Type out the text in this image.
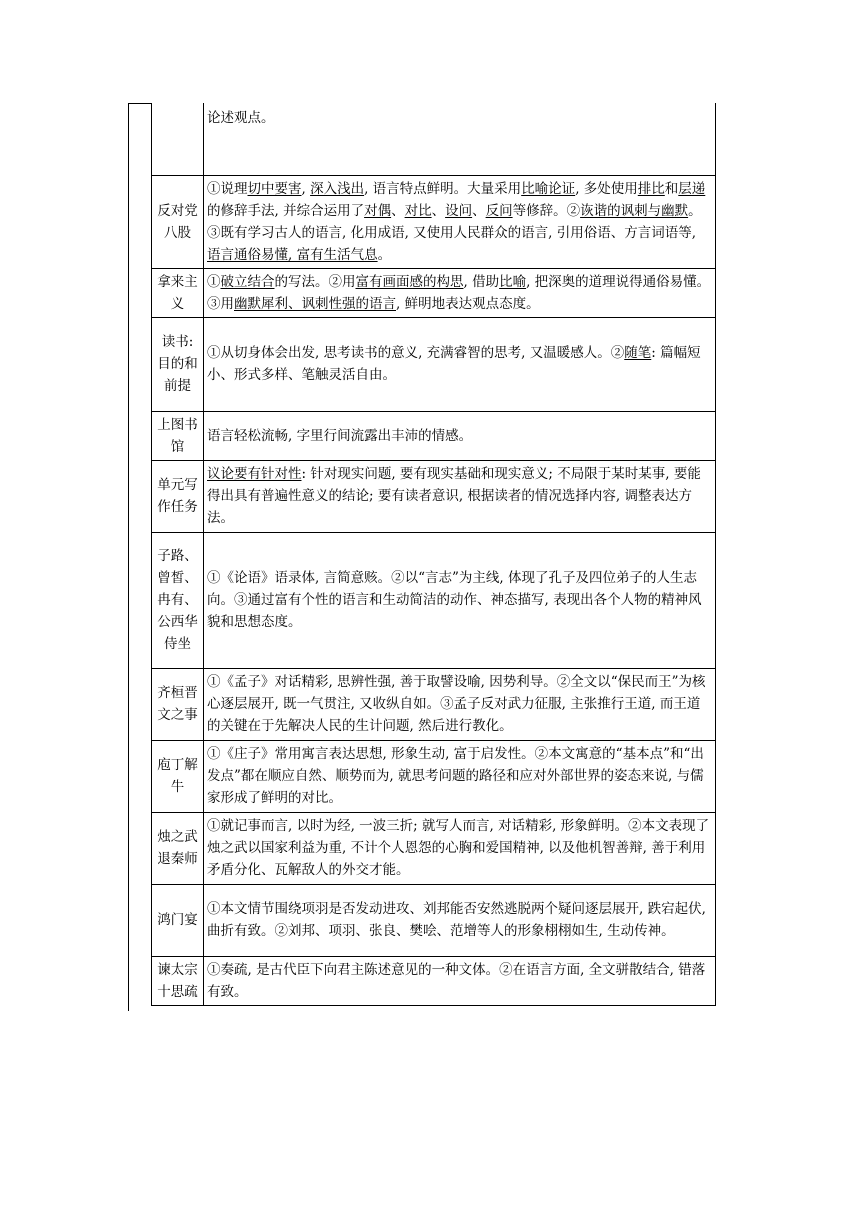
	论述观点。
反对党八股	①说理切中要害, 深入浅出, 语言特点鲜明。大量采用比喻论证, 多处使用排比和层递的修辞手法, 并综合运用了对偶、对比、设问、反问等修辞。②诙谐的讽刺与幽默。③既有学习古人的语言, 化用成语, 又使用人民群众的语言, 引用俗语、方言词语等, 语言通俗易懂, 富有生活气息。
拿来主义	①破立结合的写法。②用富有画面感的构思, 借助比喻, 把深奥的道理说得通俗易懂。③用幽默犀利、讽刺性强的语言, 鲜明地表达观点态度。
读书: 目的和前提	①从切身体会出发, 思考读书的意义, 充满睿智的思考, 又温暖感人。②随笔: 篇幅短小、形式多样、笔触灵活自由。
上图书馆	语言轻松流畅, 字里行间流露出丰沛的情感。
单元写作任务	议论要有针对性: 针对现实问题, 要有现实基础和现实意义; 不局限于某时某事, 要能得出具有普遍性意义的结论; 要有读者意识, 根据读者的情况选择内容, 调整表达方法。
子路、曾皙、冉有、公西华侍坐	①《论语》语录体, 言简意赅。②以“言志”为主线, 体现了孔子及四位弟子的人生志向。③通过富有个性的语言和生动简洁的动作、神态描写, 表现出各个人物的精神风貌和思想态度。
齐桓晋文之事	①《孟子》对话精彩, 思辨性强, 善于取譬设喻, 因势利导。②全文以“保民而王”为核心逐层展开, 既一气贯注, 又收纵自如。③孟子反对武力征服, 主张推行王道, 而王道的关键在于先解决人民的生计问题, 然后进行教化。
庖丁解牛	①《庄子》常用寓言表达思想, 形象生动, 富于启发性。②本文寓意的“基本点”和“出发点”都在顺应自然、顺势而为, 就思考问题的路径和应对外部世界的姿态来说, 与儒家形成了鲜明的对比。
烛之武退秦师	①就记事而言, 以时为经, 一波三折; 就写人而言, 对话精彩, 形象鲜明。②本文表现了烛之武以国家利益为重, 不计个人恩怨的心胸和爱国精神, 以及他机智善辩, 善于利用矛盾分化、瓦解敌人的外交才能。
鸿门宴	①本文情节围绕项羽是否发动进攻、刘邦能否安然逃脱两个疑问逐层展开, 跌宕起伏, 曲折有致。②刘邦、项羽、张良、樊哙、范增等人的形象栩栩如生, 生动传神。
谏太宗十思疏	①奏疏, 是古代臣下向君主陈述意见的一种文体。②在语言方面, 全文骈散结合, 错落有致。
